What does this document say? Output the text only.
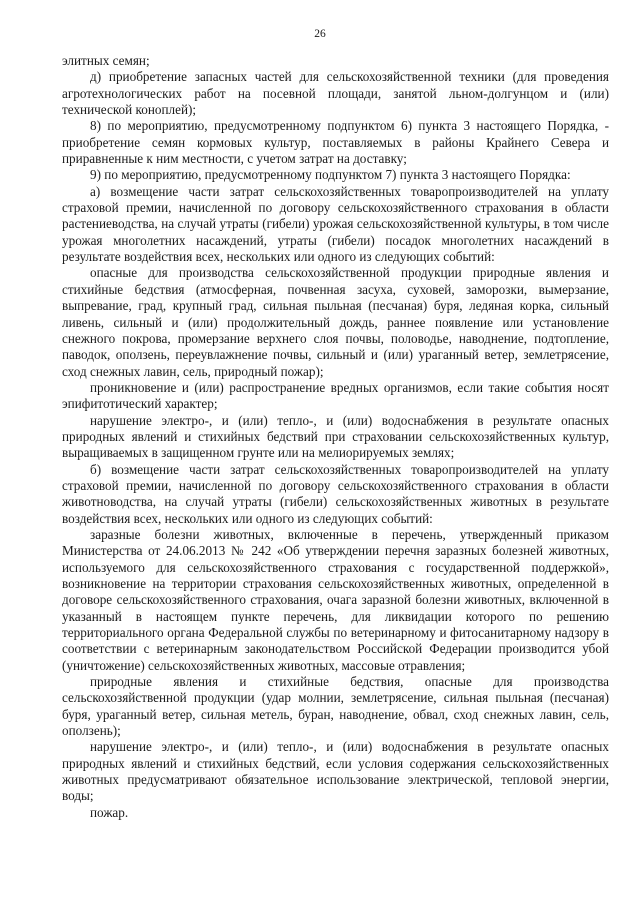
26

элитных семян;

д) приобретение запасных частей для сельскохозяйственной техники (для проведения агротехнологических работ на посевной площади, занятой льном-долгунцом и (или) технической коноплей);

8) по мероприятию, предусмотренному подпунктом 6) пункта 3 настоящего Порядка, - приобретение семян кормовых культур, поставляемых в районы Крайнего Севера и приравненные к ним местности, с учетом затрат на доставку;

9) по мероприятию, предусмотренному подпунктом 7) пункта 3 настоящего Порядка:

а) возмещение части затрат сельскохозяйственных товаропроизводителей на уплату страховой премии, начисленной по договору сельскохозяйственного страхования в области растениеводства, на случай утраты (гибели) урожая сельскохозяйственной культуры, в том числе урожая многолетних насаждений, утраты (гибели) посадок многолетних насаждений в результате воздействия всех, нескольких или одного из следующих событий:

опасные для производства сельскохозяйственной продукции природные явления и стихийные бедствия (атмосферная, почвенная засуха, суховей, заморозки, вымерзание, выпревание, град, крупный град, сильная пыльная (песчаная) буря, ледяная корка, сильный ливень, сильный и (или) продолжительный дождь, раннее появление или установление снежного покрова, промерзание верхнего слоя почвы, половодье, наводнение, подтопление, паводок, оползень, переувлажнение почвы, сильный и (или) ураганный ветер, землетрясение, сход снежных лавин, сель, природный пожар);

проникновение и (или) распространение вредных организмов, если такие события носят эпифитотический характер;

нарушение электро-, и (или) тепло-, и (или) водоснабжения в результате опасных природных явлений и стихийных бедствий при страховании сельскохозяйственных культур, выращиваемых в защищенном грунте или на мелиорируемых землях;

б) возмещение части затрат сельскохозяйственных товаропроизводителей на уплату страховой премии, начисленной по договору сельскохозяйственного страхования в области животноводства, на случай утраты (гибели) сельскохозяйственных животных в результате воздействия всех, нескольких или одного из следующих событий:

заразные болезни животных, включенные в перечень, утвержденный приказом Министерства от 24.06.2013 № 242 «Об утверждении перечня заразных болезней животных, используемого для сельскохозяйственного страхования с государственной поддержкой», возникновение на территории страхования сельскохозяйственных животных, определенной в договоре сельскохозяйственного страхования, очага заразной болезни животных, включенной в указанный в настоящем пункте перечень, для ликвидации которого по решению территориального органа Федеральной службы по ветеринарному и фитосанитарному надзору в соответствии с ветеринарным законодательством Российской Федерации производится убой (уничтожение) сельскохозяйственных животных, массовые отравления;

природные явления и стихийные бедствия, опасные для производства сельскохозяйственной продукции (удар молнии, землетрясение, сильная пыльная (песчаная) буря, ураганный ветер, сильная метель, буран, наводнение, обвал, сход снежных лавин, сель, оползень);

нарушение электро-, и (или) тепло-, и (или) водоснабжения в результате опасных природных явлений и стихийных бедствий, если условия содержания сельскохозяйственных животных предусматривают обязательное использование электрической, тепловой энергии, воды;

пожар.
